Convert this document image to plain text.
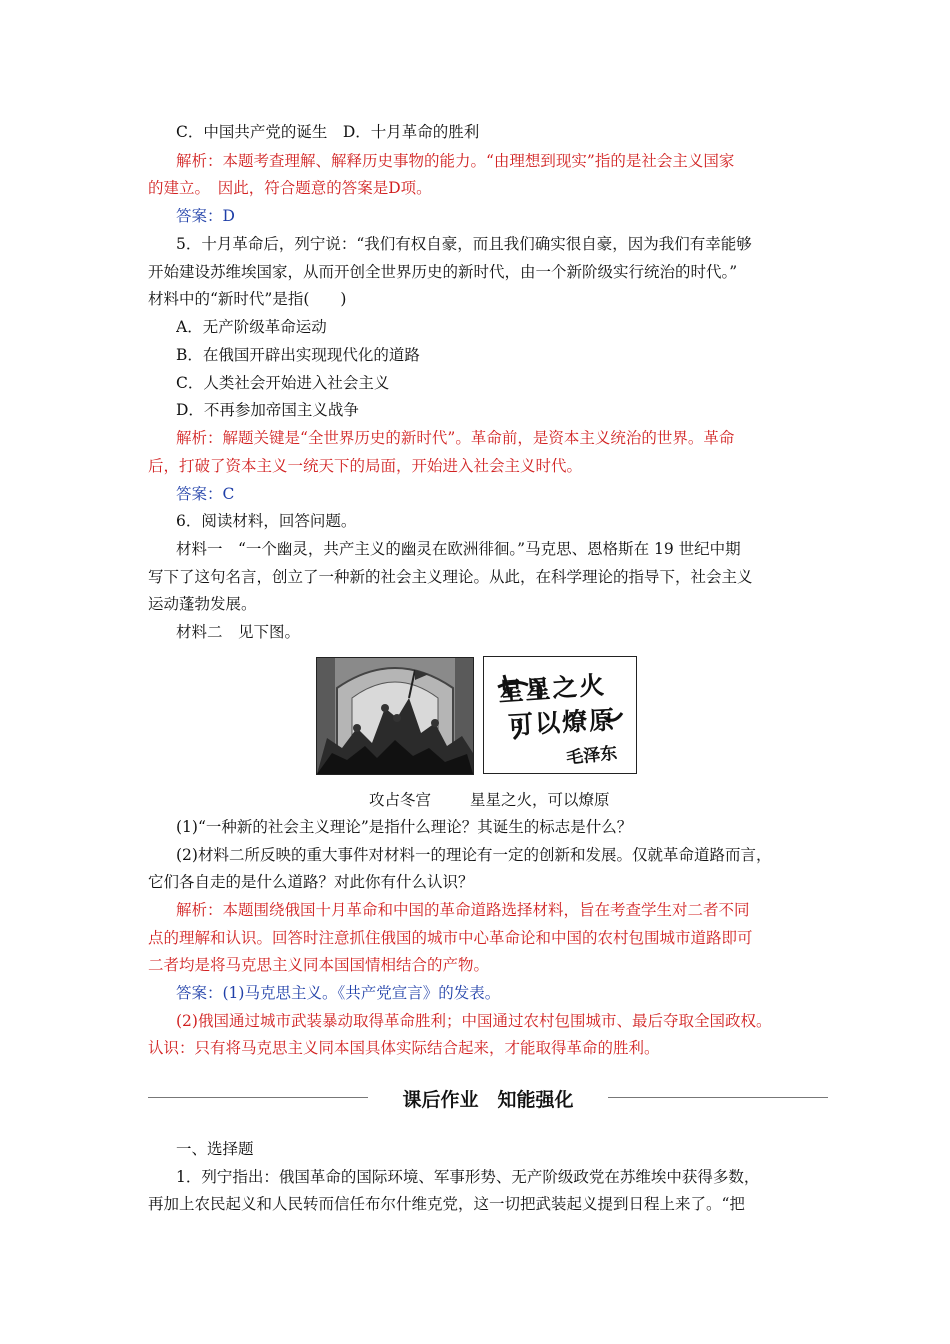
C．中国共产党的诞生　D．十月革命的胜利
解析：本题考查理解、解释历史事物的能力。“由理想到现实”指的是社会主义国家
的建立。　因此，符合题意的答案是D项。
答案：D
5．十月革命后，列宁说：“我们有权自豪，而且我们确实很自豪，因为我们有幸能够
开始建设苏维埃国家，从而开创全世界历史的新时代，由一个新阶级实行统治的时代。”
材料中的“新时代”是指(　　)
A．无产阶级革命运动
B．在俄国开辟出实现现代化的道路
C．人类社会开始进入社会主义
D．不再参加帝国主义战争
解析：解题关键是“全世界历史的新时代”。革命前，是资本主义统治的世界。革命
后，打破了资本主义一统天下的局面，开始进入社会主义时代。
答案：C
6．阅读材料，回答问题。
材料一　“一个幽灵，共产主义的幽灵在欧洲徘徊。”马克思、恩格斯在 19 世纪中期
写下了这句名言，创立了一种新的社会主义理论。从此，在科学理论的指导下，社会主义
运动蓬勃发展。
材料二　见下图。
星星之火
可以燎原
毛泽东
攻占冬宫	星星之火，可以燎原
(1)“一种新的社会主义理论”是指什么理论？其诞生的标志是什么？
(2)材料二所反映的重大事件对材料一的理论有一定的创新和发展。仅就革命道路而言，
它们各自走的是什么道路？对此你有什么认识？
解析：本题围绕俄国十月革命和中国的革命道路选择材料，旨在考查学生对二者不同
点的理解和认识。回答时注意抓住俄国的城市中心革命论和中国的农村包围城市道路即可
二者均是将马克思主义同本国国情相结合的产物。
答案：(1)马克思主义。《共产党宣言》的发表。
(2)俄国通过城市武装暴动取得革命胜利；中国通过农村包围城市、最后夺取全国政权。
认识：只有将马克思主义同本国具体实际结合起来，才能取得革命的胜利。
课后作业　知能强化
一、选择题
1．列宁指出：俄国革命的国际环境、军事形势、无产阶级政党在苏维埃中获得多数，
再加上农民起义和人民转而信任布尔什维克党，这一切把武装起义提到日程上来了。“把
